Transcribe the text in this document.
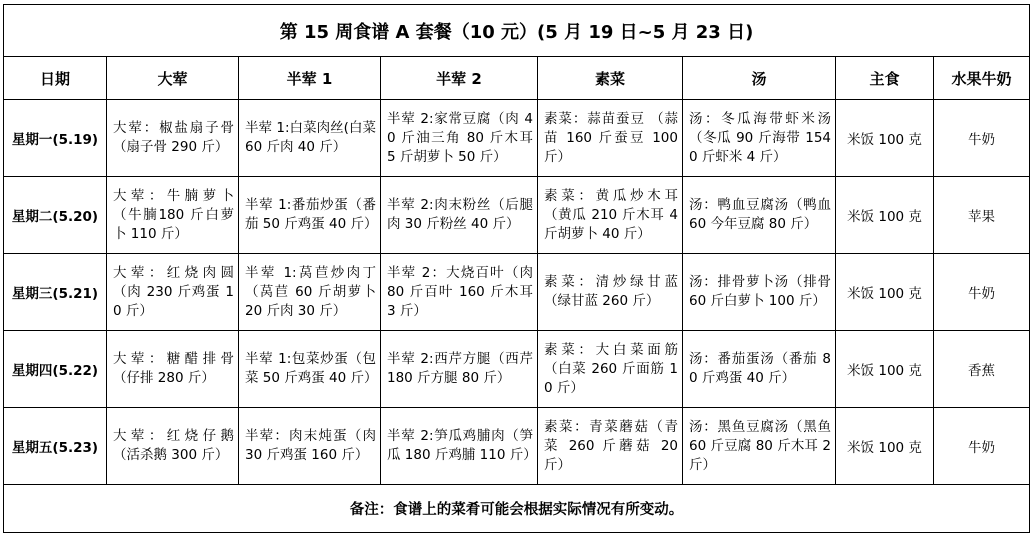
第 15 周食谱 A 套餐（10 元）(5 月 19 日~5 月 23 日)							
日期	大荤	半荤 1	半荤 2	素菜	汤	主食	水果牛奶
星期一(5.19)	大荤：椒盐扇子骨（扇子骨 290 斤）	半荤 1:白菜肉丝(白菜 60 斤肉 40 斤）	半荤 2:家常豆腐（肉 40 斤油三角 80 斤木耳 5 斤胡萝卜 50 斤）	素菜：蒜苗蚕豆 （蒜苗 160 斤蚕豆 100 斤）	汤：冬瓜海带虾米汤（冬瓜 90 斤海带 1540 斤虾米 4 斤）	米饭 100 克	牛奶
星期二(5.20)	大荤：牛腩萝卜（牛腩180 斤白萝卜 110 斤）	半荤 1:番茄炒蛋（番茄 50 斤鸡蛋 40 斤）	半荤 2:肉末粉丝（后腿肉 30 斤粉丝 40 斤）	素菜：黄瓜炒木耳（黄瓜 210 斤木耳 4 斤胡萝卜 40 斤）	汤：鸭血豆腐汤（鸭血 60 今年豆腐 80 斤）	米饭 100 克	苹果
星期三(5.21)	大荤：红烧肉圆（肉 230 斤鸡蛋 10 斤）	半荤 1:莴苣炒肉丁（莴苣 60 斤胡萝卜 20 斤肉 30 斤）	半荤 2：大烧百叶（肉 80 斤百叶 160 斤木耳 3 斤）	素菜：清炒绿甘蓝（绿甘蓝 260 斤）	汤：排骨萝卜汤（排骨 60 斤白萝卜 100 斤）	米饭 100 克	牛奶
星期四(5.22)	大荤：糖醋排骨（仔排 280 斤）	半荤 1:包菜炒蛋（包菜 50 斤鸡蛋 40 斤）	半荤 2:西芹方腿（西芹 180 斤方腿 80 斤）	素菜：大白菜面筋（白菜 260 斤面筋 10 斤）	汤：番茄蛋汤（番茄 80 斤鸡蛋 40 斤）	米饭 100 克	香蕉
星期五(5.23)	大荤：红烧仔鹅（活杀鹅 300 斤）	半荤：肉末炖蛋（肉 30 斤鸡蛋 160 斤）	半荤 2:笋瓜鸡脯肉（笋瓜 180 斤鸡脯 110 斤）	素菜：青菜蘑菇（青菜 260 斤蘑菇 20 斤）	汤：黑鱼豆腐汤（黑鱼 60 斤豆腐 80 斤木耳 2 斤）	米饭 100 克	牛奶
备注：食谱上的菜肴可能会根据实际情况有所变动。							
